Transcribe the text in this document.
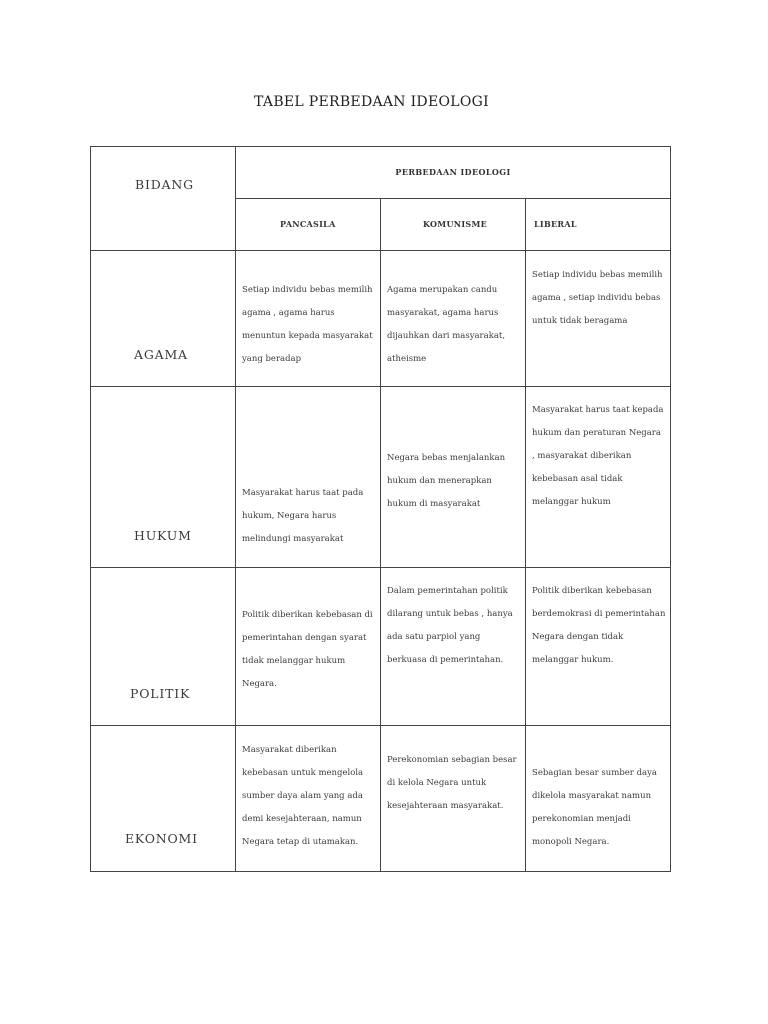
TABEL PERBEDAAN IDEOLOGI
BIDANG	PERBEDAAN IDEOLOGI		

	PANCASILA	KOMUNISME	LIBERAL

AGAMA	Setiap individu bebas memilih agama , agama harus menuntun kepada masyarakat yang beradap	Agama merupakan candu masyarakat, agama harus dijauhkan dari masyarakat, atheisme	Setiap individu bebas memilih agama , setiap individu bebas untuk tidak beragama

HUKUM	Masyarakat harus taat pada hukum, Negara harus melindungi masyarakat	Negara bebas menjalankan hukum dan menerapkan hukum di masyarakat	Masyarakat harus taat kepada hukum dan peraturan Negara , masyarakat diberikan kebebasan asal tidak melanggar hukum

POLITIK	Politik diberikan kebebasan di pemerintahan dengan syarat tidak melanggar hukum Negara.	Dalam pemerintahan politik dilarang untuk bebas , hanya ada satu parpiol yang berkuasa di pemerintahan.	Politik diberikan kebebasan berdemokrasi di pemerintahan Negara dengan tidak melanggar hukum.

EKONOMI	Masyarakat diberikan kebebasan untuk mengelola sumber daya alam yang ada demi kesejahteraan, namun Negara tetap di utamakan.	Perekonomian sebagian besar di kelola Negara untuk kesejahteraan masyarakat.	Sebagian besar sumber daya dikelola masyarakat namun perekonomian menjadi monopoli Negara.
